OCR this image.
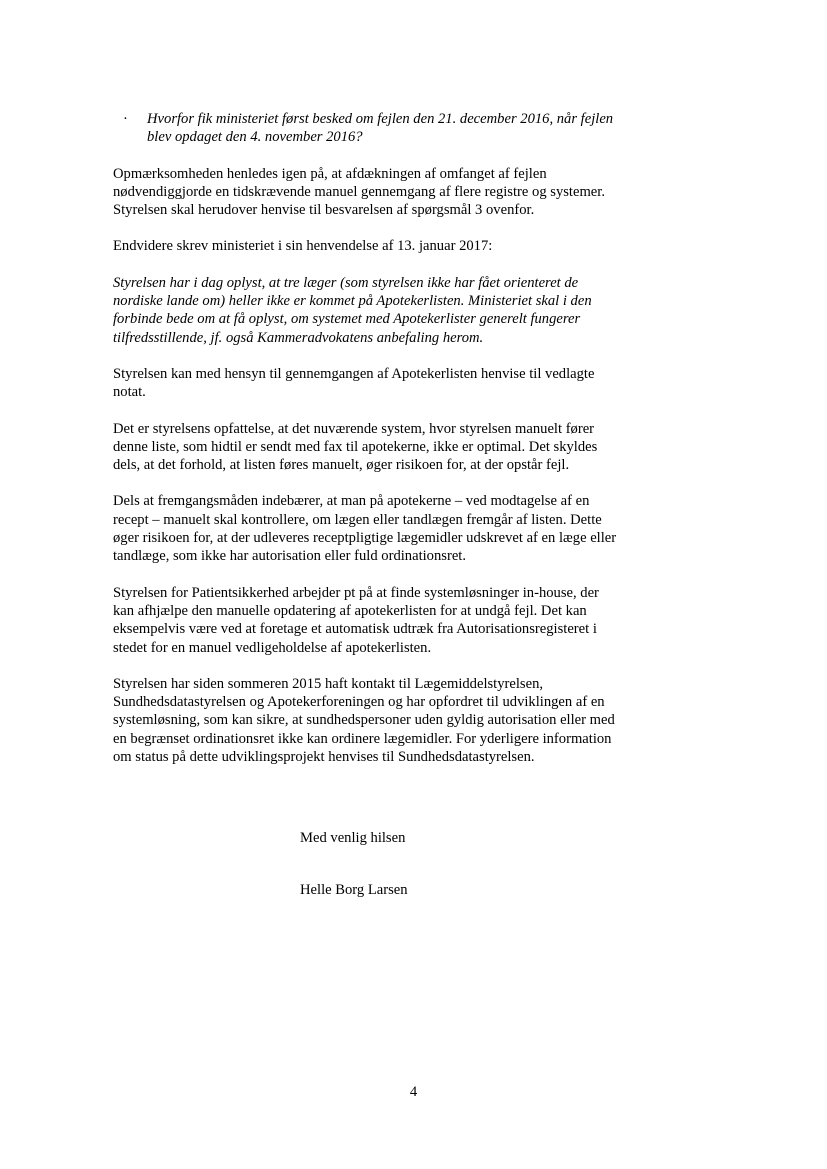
· Hvorfor fik ministeriet først besked om fejlen den 21. december 2016, når fejlen blev opdaget den 4. november 2016?

Opmærksomheden henledes igen på, at afdækningen af omfanget af fejlen nødvendiggjorde en tidskrævende manuel gennemgang af flere registre og systemer. Styrelsen skal herudover henvise til besvarelsen af spørgsmål 3 ovenfor.

Endvidere skrev ministeriet i sin henvendelse af 13. januar 2017:

Styrelsen har i dag oplyst, at tre læger (som styrelsen ikke har fået orienteret de nordiske lande om) heller ikke er kommet på Apotekerlisten. Ministeriet skal i den forbinde bede om at få oplyst, om systemet med Apotekerlister generelt fungerer tilfredsstillende, jf. også Kammeradvokatens anbefaling herom.

Styrelsen kan med hensyn til gennemgangen af Apotekerlisten henvise til vedlagte notat.

Det er styrelsens opfattelse, at det nuværende system, hvor styrelsen manuelt fører denne liste, som hidtil er sendt med fax til apotekerne, ikke er optimal. Det skyldes dels, at det forhold, at listen føres manuelt, øger risikoen for, at der opstår fejl.

Dels at fremgangsmåden indebærer, at man på apotekerne – ved modtagelse af en recept – manuelt skal kontrollere, om lægen eller tandlægen fremgår af listen. Dette øger risikoen for, at der udleveres receptpligtige lægemidler udskrevet af en læge eller tandlæge, som ikke har autorisation eller fuld ordinationsret.

Styrelsen for Patientsikkerhed arbejder pt på at finde systemløsninger in-house, der kan afhjælpe den manuelle opdatering af apotekerlisten for at undgå fejl. Det kan eksempelvis være ved at foretage et automatisk udtræk fra Autorisationsregisteret i stedet for en manuel vedligeholdelse af apotekerlisten.

Styrelsen har siden sommeren 2015 haft kontakt til Lægemiddelstyrelsen, Sundhedsdatastyrelsen og Apotekerforeningen og har opfordret til udviklingen af en systemløsning, som kan sikre, at sundhedspersoner uden gyldig autorisation eller med en begrænset ordinationsret ikke kan ordinere lægemidler. For yderligere information om status på dette udviklingsprojekt henvises til Sundhedsdatastyrelsen.

Med venlig hilsen
Helle Borg Larsen
4
